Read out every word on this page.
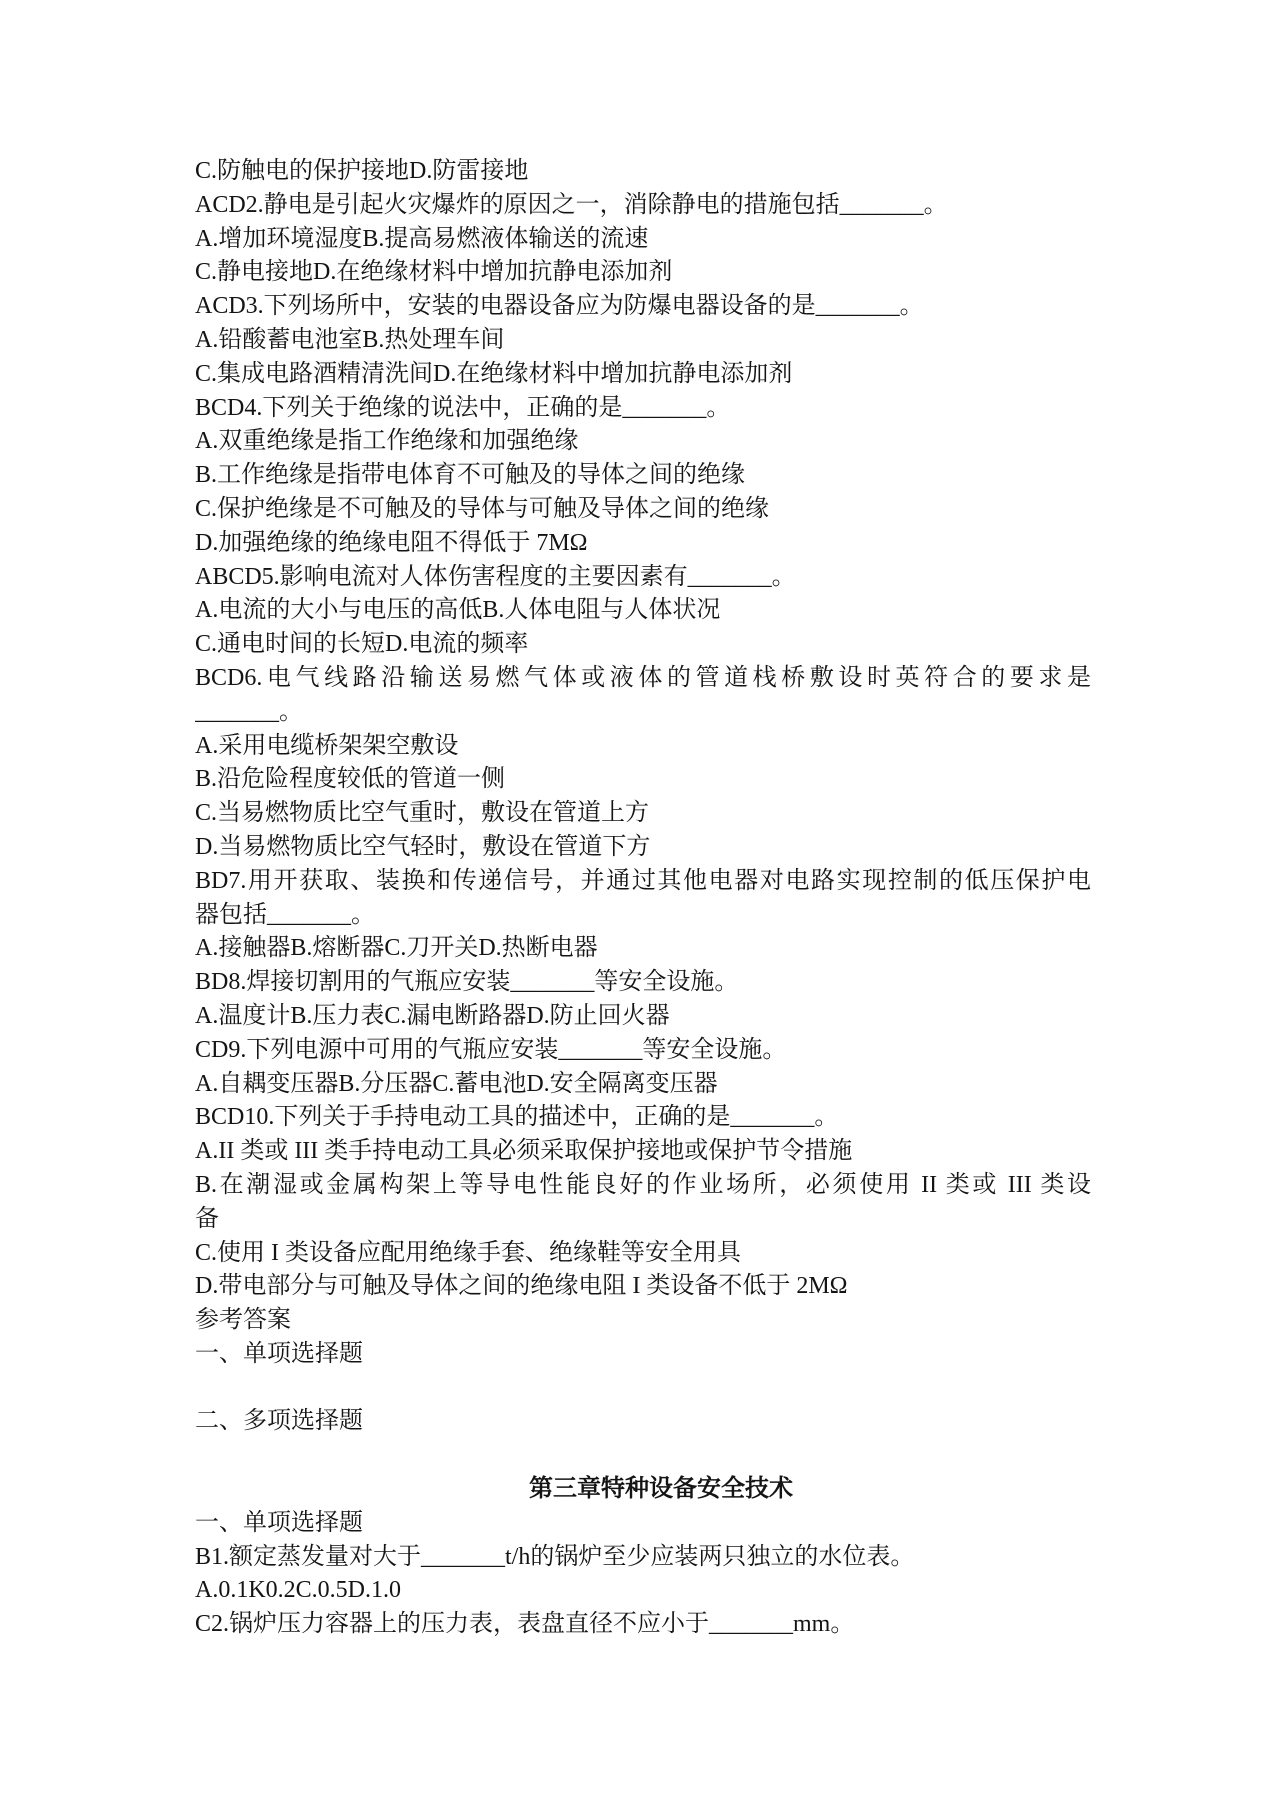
C.防触电的保护接地D.防雷接地
ACD2.静电是引起火灾爆炸的原因之一，消除静电的措施包括_______。
A.增加环境湿度B.提高易燃液体输送的流速
C.静电接地D.在绝缘材料中增加抗静电添加剂
ACD3.下列场所中，安装的电器设备应为防爆电器设备的是_______。
A.铅酸蓄电池室B.热处理车间
C.集成电路酒精清洗间D.在绝缘材料中增加抗静电添加剂
BCD4.下列关于绝缘的说法中，正确的是_______。
A.双重绝缘是指工作绝缘和加强绝缘
B.工作绝缘是指带电体育不可触及的导体之间的绝缘
C.保护绝缘是不可触及的导体与可触及导体之间的绝缘
D.加强绝缘的绝缘电阻不得低于 7MΩ
ABCD5.影响电流对人体伤害程度的主要因素有_______。
A.电流的大小与电压的高低B.人体电阻与人体状况
C.通电时间的长短D.电流的频率
BCD6.电气线路沿输送易燃气体或液体的管道栈桥敷设时英符合的要求是
_______。
A.采用电缆桥架架空敷设
B.沿危险程度较低的管道一侧
C.当易燃物质比空气重时，敷设在管道上方
D.当易燃物质比空气轻时，敷设在管道下方
BD7.用开获取、装换和传递信号，并通过其他电器对电路实现控制的低压保护电
器包括_______。
A.接触器B.熔断器C.刀开关D.热断电器
BD8.焊接切割用的气瓶应安装_______等安全设施。
A.温度计B.压力表C.漏电断路器D.防止回火器
CD9.下列电源中可用的气瓶应安装_______等安全设施。
A.自耦变压器B.分压器C.蓄电池D.安全隔离变压器
BCD10.下列关于手持电动工具的描述中，正确的是_______。
A.II 类或 III 类手持电动工具必须采取保护接地或保护节令措施
B.在潮湿或金属构架上等导电性能良好的作业场所，必须使用 II 类或 III 类设
备
C.使用 I 类设备应配用绝缘手套、绝缘鞋等安全用具
D.带电部分与可触及导体之间的绝缘电阻 I 类设备不低于 2MΩ
参考答案
一、单项选择题
二、多项选择题
第三章特种设备安全技术
一、单项选择题
B1.额定蒸发量对大于_______t/h的锅炉至少应装两只独立的水位表。
A.0.1K0.2C.0.5D.1.0
C2.锅炉压力容器上的压力表，表盘直径不应小于_______mm。
